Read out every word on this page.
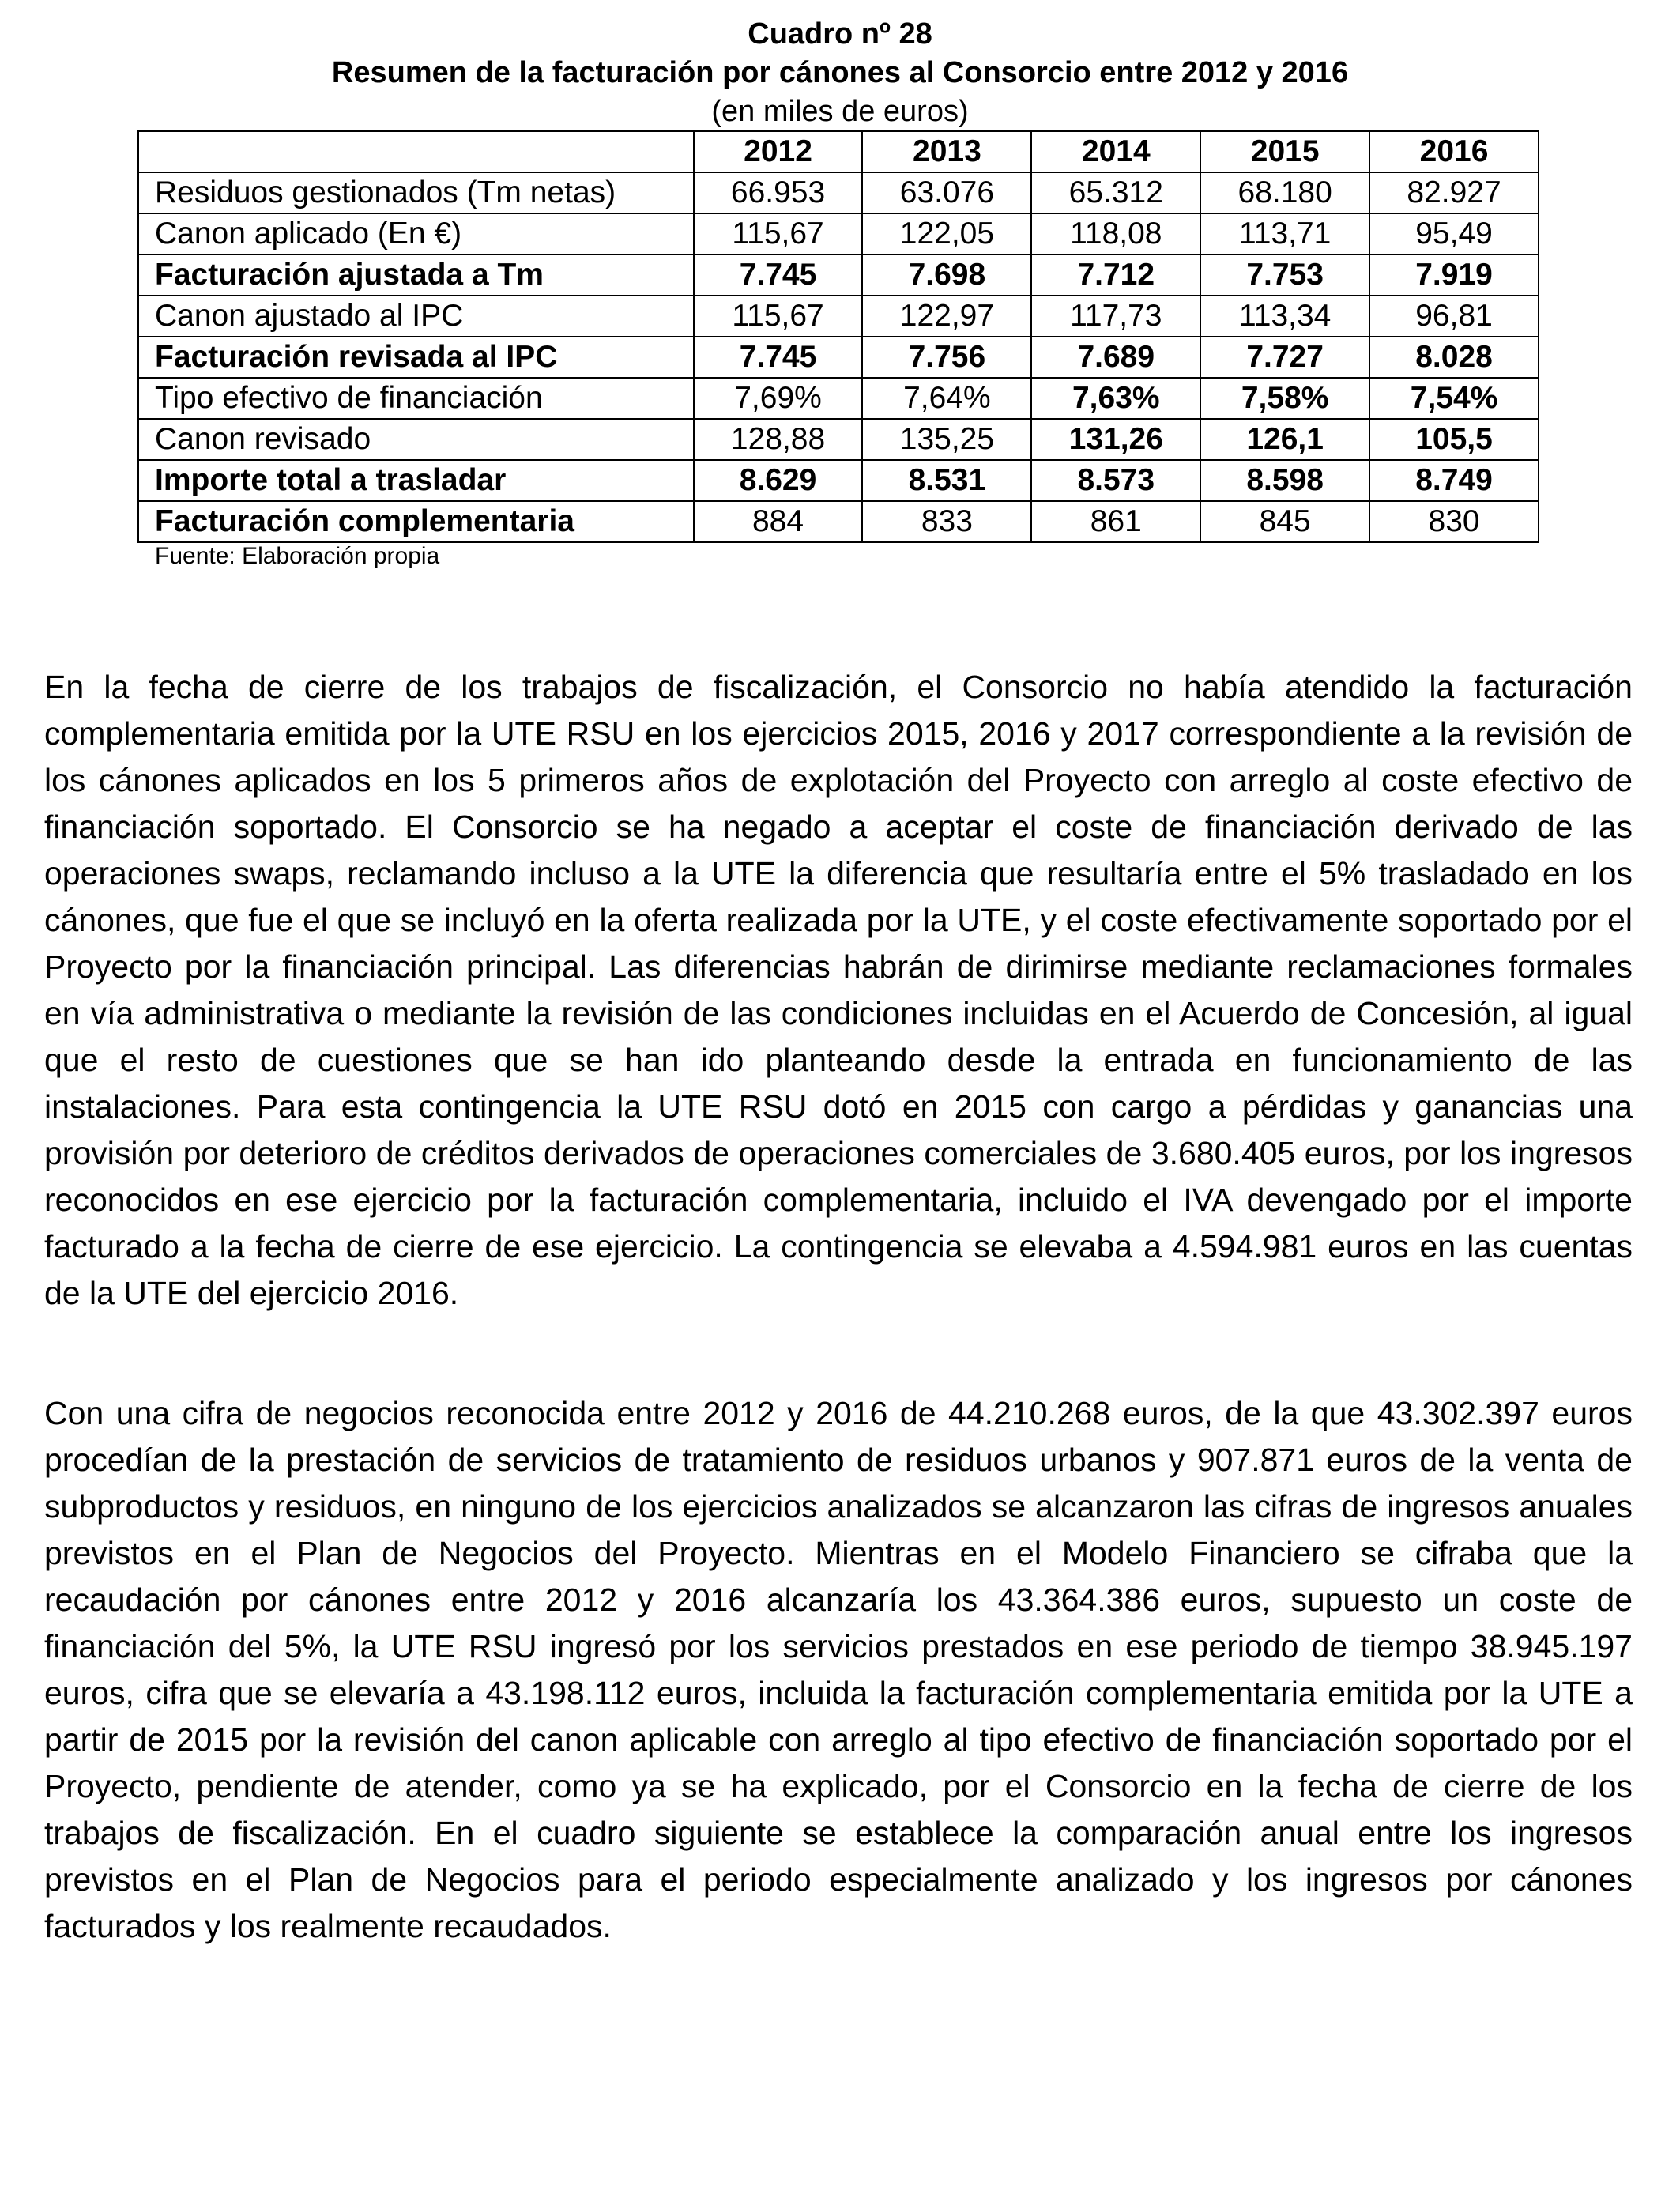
Cuadro nº 28

Resumen de la facturación por cánones al Consorcio entre 2012 y 2016

(en miles de euros)

	2012	2013	2014	2015	2016
Residuos gestionados (Tm netas)	66.953	63.076	65.312	68.180	82.927
Canon aplicado (En €)	115,67	122,05	118,08	113,71	95,49
Facturación ajustada a Tm	7.745	7.698	7.712	7.753	7.919
Canon ajustado al IPC	115,67	122,97	117,73	113,34	96,81
Facturación revisada al IPC	7.745	7.756	7.689	7.727	8.028
Tipo efectivo de financiación	7,69%	7,64%	7,63%	7,58%	7,54%
Canon revisado	128,88	135,25	131,26	126,1	105,5
Importe total a trasladar	8.629	8.531	8.573	8.598	8.749
Facturación complementaria	884	833	861	845	830

Fuente: Elaboración propia

En la fecha de cierre de los trabajos de fiscalización, el Consorcio no había atendido la facturación complementaria emitida por la UTE RSU en los ejercicios 2015, 2016 y 2017 correspondiente a la revisión de los cánones aplicados en los 5 primeros años de explotación del Proyecto con arreglo al coste efectivo de financiación soportado. El Consorcio se ha negado a aceptar el coste de financiación derivado de las operaciones swaps, reclamando incluso a la UTE la diferencia que resultaría entre el 5% trasladado en los cánones, que fue el que se incluyó en la oferta realizada por la UTE, y el coste efectivamente soportado por el Proyecto por la financiación principal. Las diferencias habrán de dirimirse mediante reclamaciones formales en vía administrativa o mediante la revisión de las condiciones incluidas en el Acuerdo de Concesión, al igual que el resto de cuestiones que se han ido planteando desde la entrada en funcionamiento de las instalaciones. Para esta contingencia la UTE RSU dotó en 2015 con cargo a pérdidas y ganancias una provisión por deterioro de créditos derivados de operaciones comerciales de 3.680.405 euros, por los ingresos reconocidos en ese ejercicio por la facturación complementaria, incluido el IVA devengado por el importe facturado a la fecha de cierre de ese ejercicio. La contingencia se elevaba a 4.594.981 euros en las cuentas de la UTE del ejercicio 2016.

Con una cifra de negocios reconocida entre 2012 y 2016 de 44.210.268 euros, de la que 43.302.397 euros procedían de la prestación de servicios de tratamiento de residuos urbanos y 907.871 euros de la venta de subproductos y residuos, en ninguno de los ejercicios analizados se alcanzaron las cifras de ingresos anuales previstos en el Plan de Negocios del Proyecto. Mientras en el Modelo Financiero se cifraba que la recaudación por cánones entre 2012 y 2016 alcanzaría los 43.364.386 euros, supuesto un coste de financiación del 5%, la UTE RSU ingresó por los servicios prestados en ese periodo de tiempo 38.945.197 euros, cifra que se elevaría a 43.198.112 euros, incluida la facturación complementaria emitida por la UTE a partir de 2015 por la revisión del canon aplicable con arreglo al tipo efectivo de financiación soportado por el Proyecto, pendiente de atender, como ya se ha explicado, por el Consorcio en la fecha de cierre de los trabajos de fiscalización. En el cuadro siguiente se establece la comparación anual entre los ingresos previstos en el Plan de Negocios para el periodo especialmente analizado y los ingresos por cánones facturados y los realmente recaudados.
